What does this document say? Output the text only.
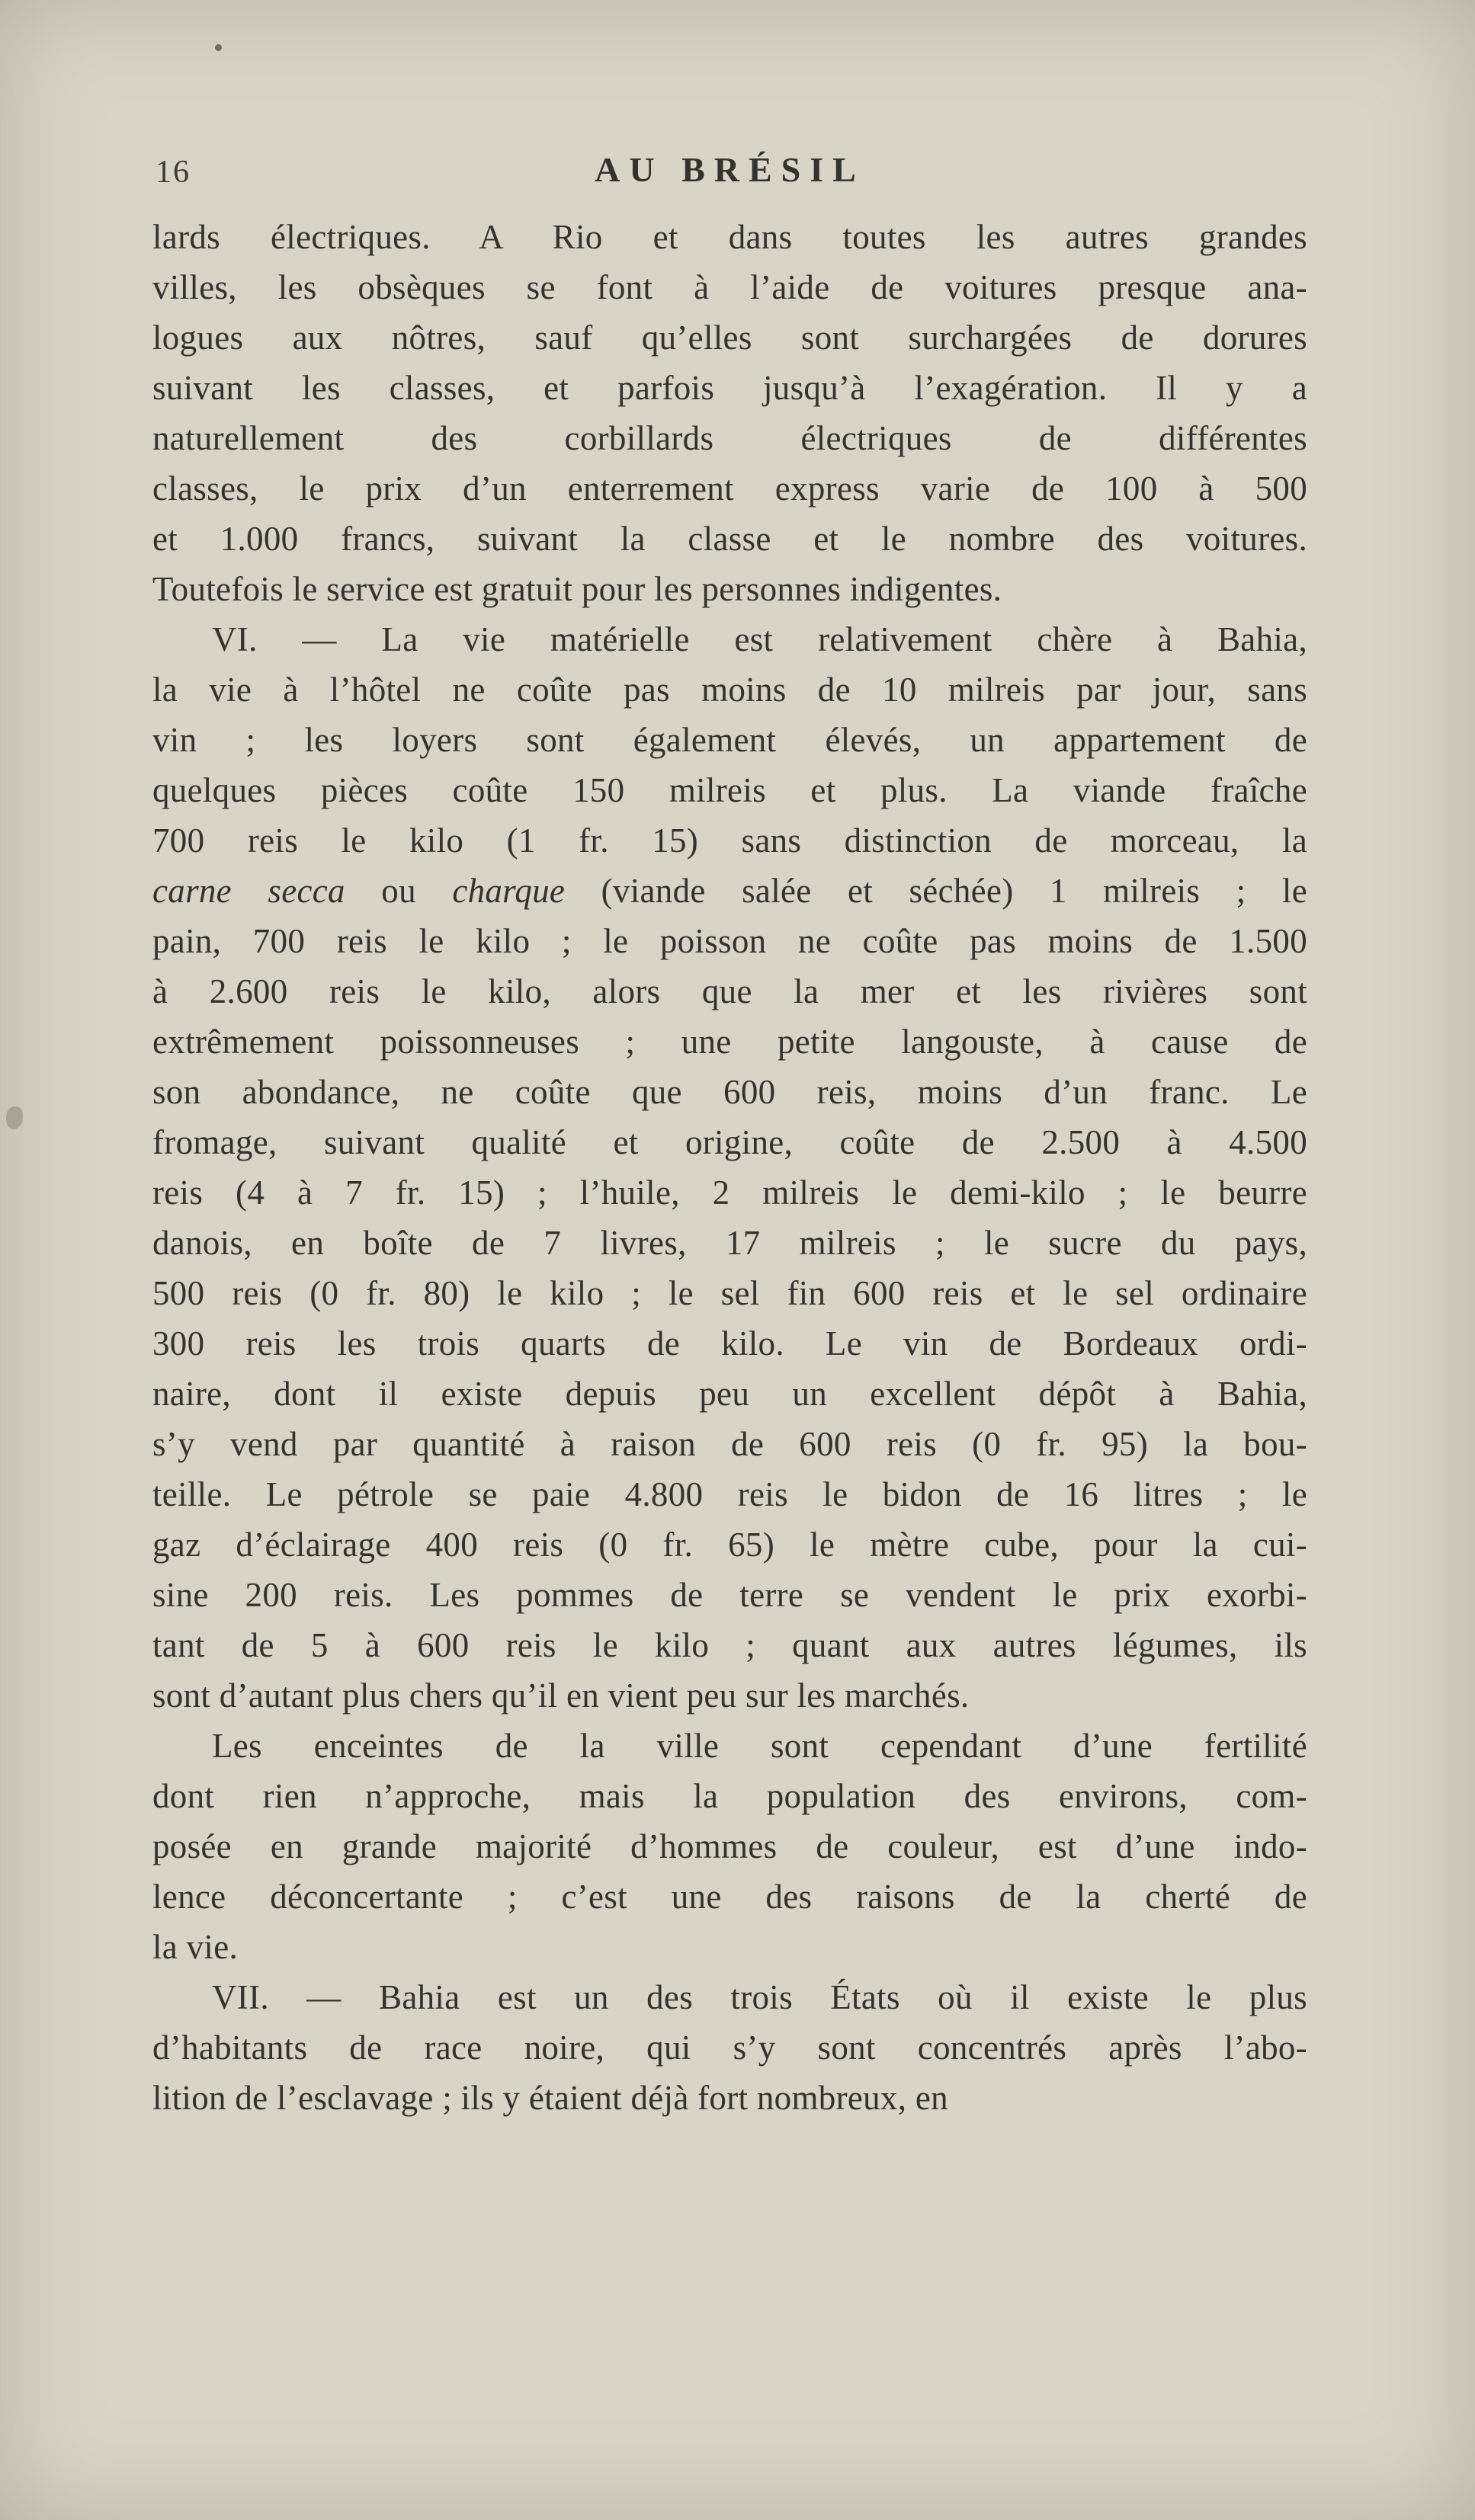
16	AU BRÉSIL
lards électriques. A Rio et dans toutes les autres grandes
villes, les obsèques se font à l’aide de voitures presque ana-
logues aux nôtres, sauf qu’elles sont surchargées de dorures
suivant les classes, et parfois jusqu’à l’exagération. Il y a
naturellement des corbillards électriques de différentes
classes, le prix d’un enterrement express varie de 100 à 500
et 1.000 francs, suivant la classe et le nombre des voitures.
Toutefois le service est gratuit pour les personnes indigentes.
VI. — La vie matérielle est relativement chère à Bahia,
la vie à l’hôtel ne coûte pas moins de 10 milreis par jour, sans
vin ; les loyers sont également élevés, un appartement de
quelques pièces coûte 150 milreis et plus. La viande fraîche
700 reis le kilo (1 fr. 15) sans distinction de morceau, la
carne secca ou charque (viande salée et séchée) 1 milreis ; le
pain, 700 reis le kilo ; le poisson ne coûte pas moins de 1.500
à 2.600 reis le kilo, alors que la mer et les rivières sont
extrêmement poissonneuses ; une petite langouste, à cause de
son abondance, ne coûte que 600 reis, moins d’un franc. Le
fromage, suivant qualité et origine, coûte de 2.500 à 4.500
reis (4 à 7 fr. 15) ; l’huile, 2 milreis le demi-kilo ; le beurre
danois, en boîte de 7 livres, 17 milreis ; le sucre du pays,
500 reis (0 fr. 80) le kilo ; le sel fin 600 reis et le sel ordinaire
300 reis les trois quarts de kilo. Le vin de Bordeaux ordi-
naire, dont il existe depuis peu un excellent dépôt à Bahia,
s’y vend par quantité à raison de 600 reis (0 fr. 95) la bou-
teille. Le pétrole se paie 4.800 reis le bidon de 16 litres ; le
gaz d’éclairage 400 reis (0 fr. 65) le mètre cube, pour la cui-
sine 200 reis. Les pommes de terre se vendent le prix exorbi-
tant de 5 à 600 reis le kilo ; quant aux autres légumes, ils
sont d’autant plus chers qu’il en vient peu sur les marchés.
Les enceintes de la ville sont cependant d’une fertilité
dont rien n’approche, mais la population des environs, com-
posée en grande majorité d’hommes de couleur, est d’une indo-
lence déconcertante ; c’est une des raisons de la cherté de
la vie.
VII. — Bahia est un des trois États où il existe le plus
d’habitants de race noire, qui s’y sont concentrés après l’abo-
lition de l’esclavage ; ils y étaient déjà fort nombreux, en
